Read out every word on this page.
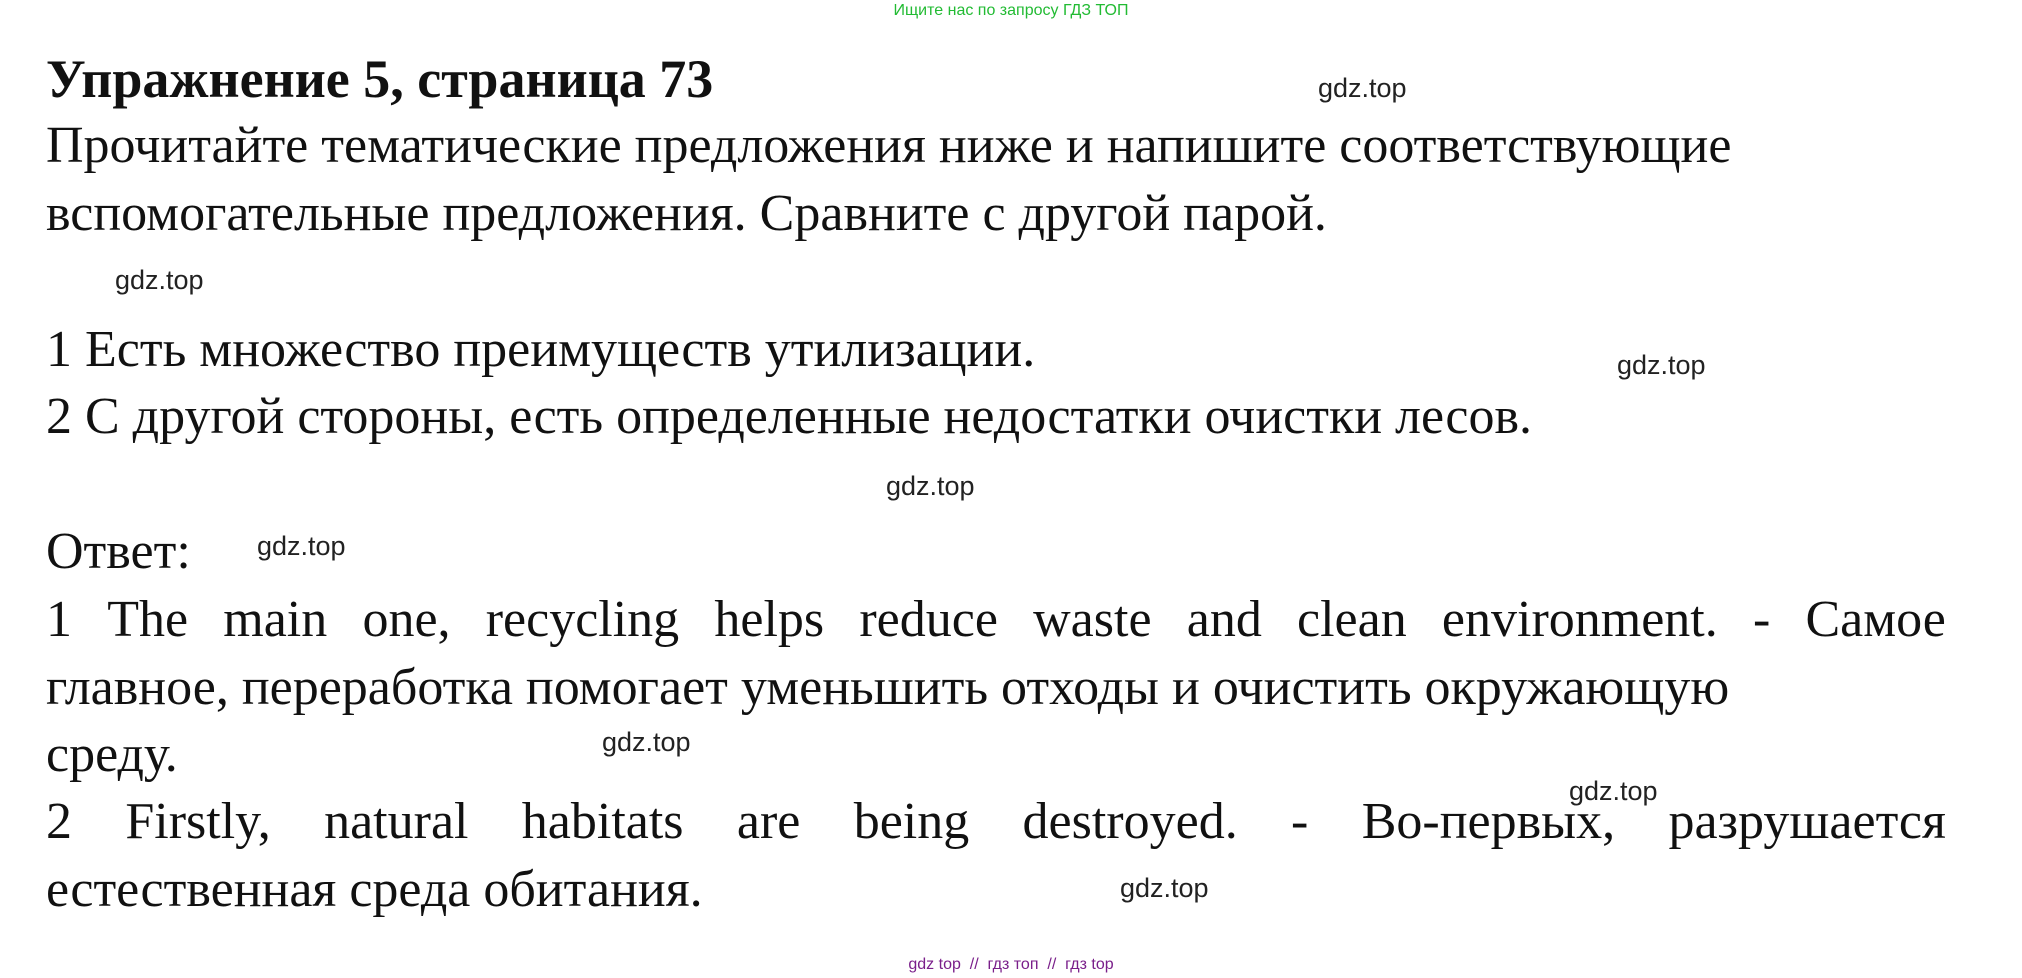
Ищите нас по запросу ГДЗ ТОП
Упражнение 5, страница 73
Прочитайте тематические предложения ниже и напишите соответствующие
вспомогательные предложения. Сравните с другой парой.
1 Есть множество преимуществ утилизации.
2 С другой стороны, есть определенные недостатки очистки лесов.
Ответ:
1 The main one, recycling helps reduce waste and clean environment. - Самое
главное, переработка помогает уменьшить отходы и очистить окружающую
среду.
2 Firstly, natural habitats are being destroyed. - Во-первых, разрушается
естественная среда обитания.
gdz.top
gdz.top
gdz.top
gdz.top
gdz.top
gdz.top
gdz.top
gdz.top
gdz top  //  гдз топ  //  гдз top
